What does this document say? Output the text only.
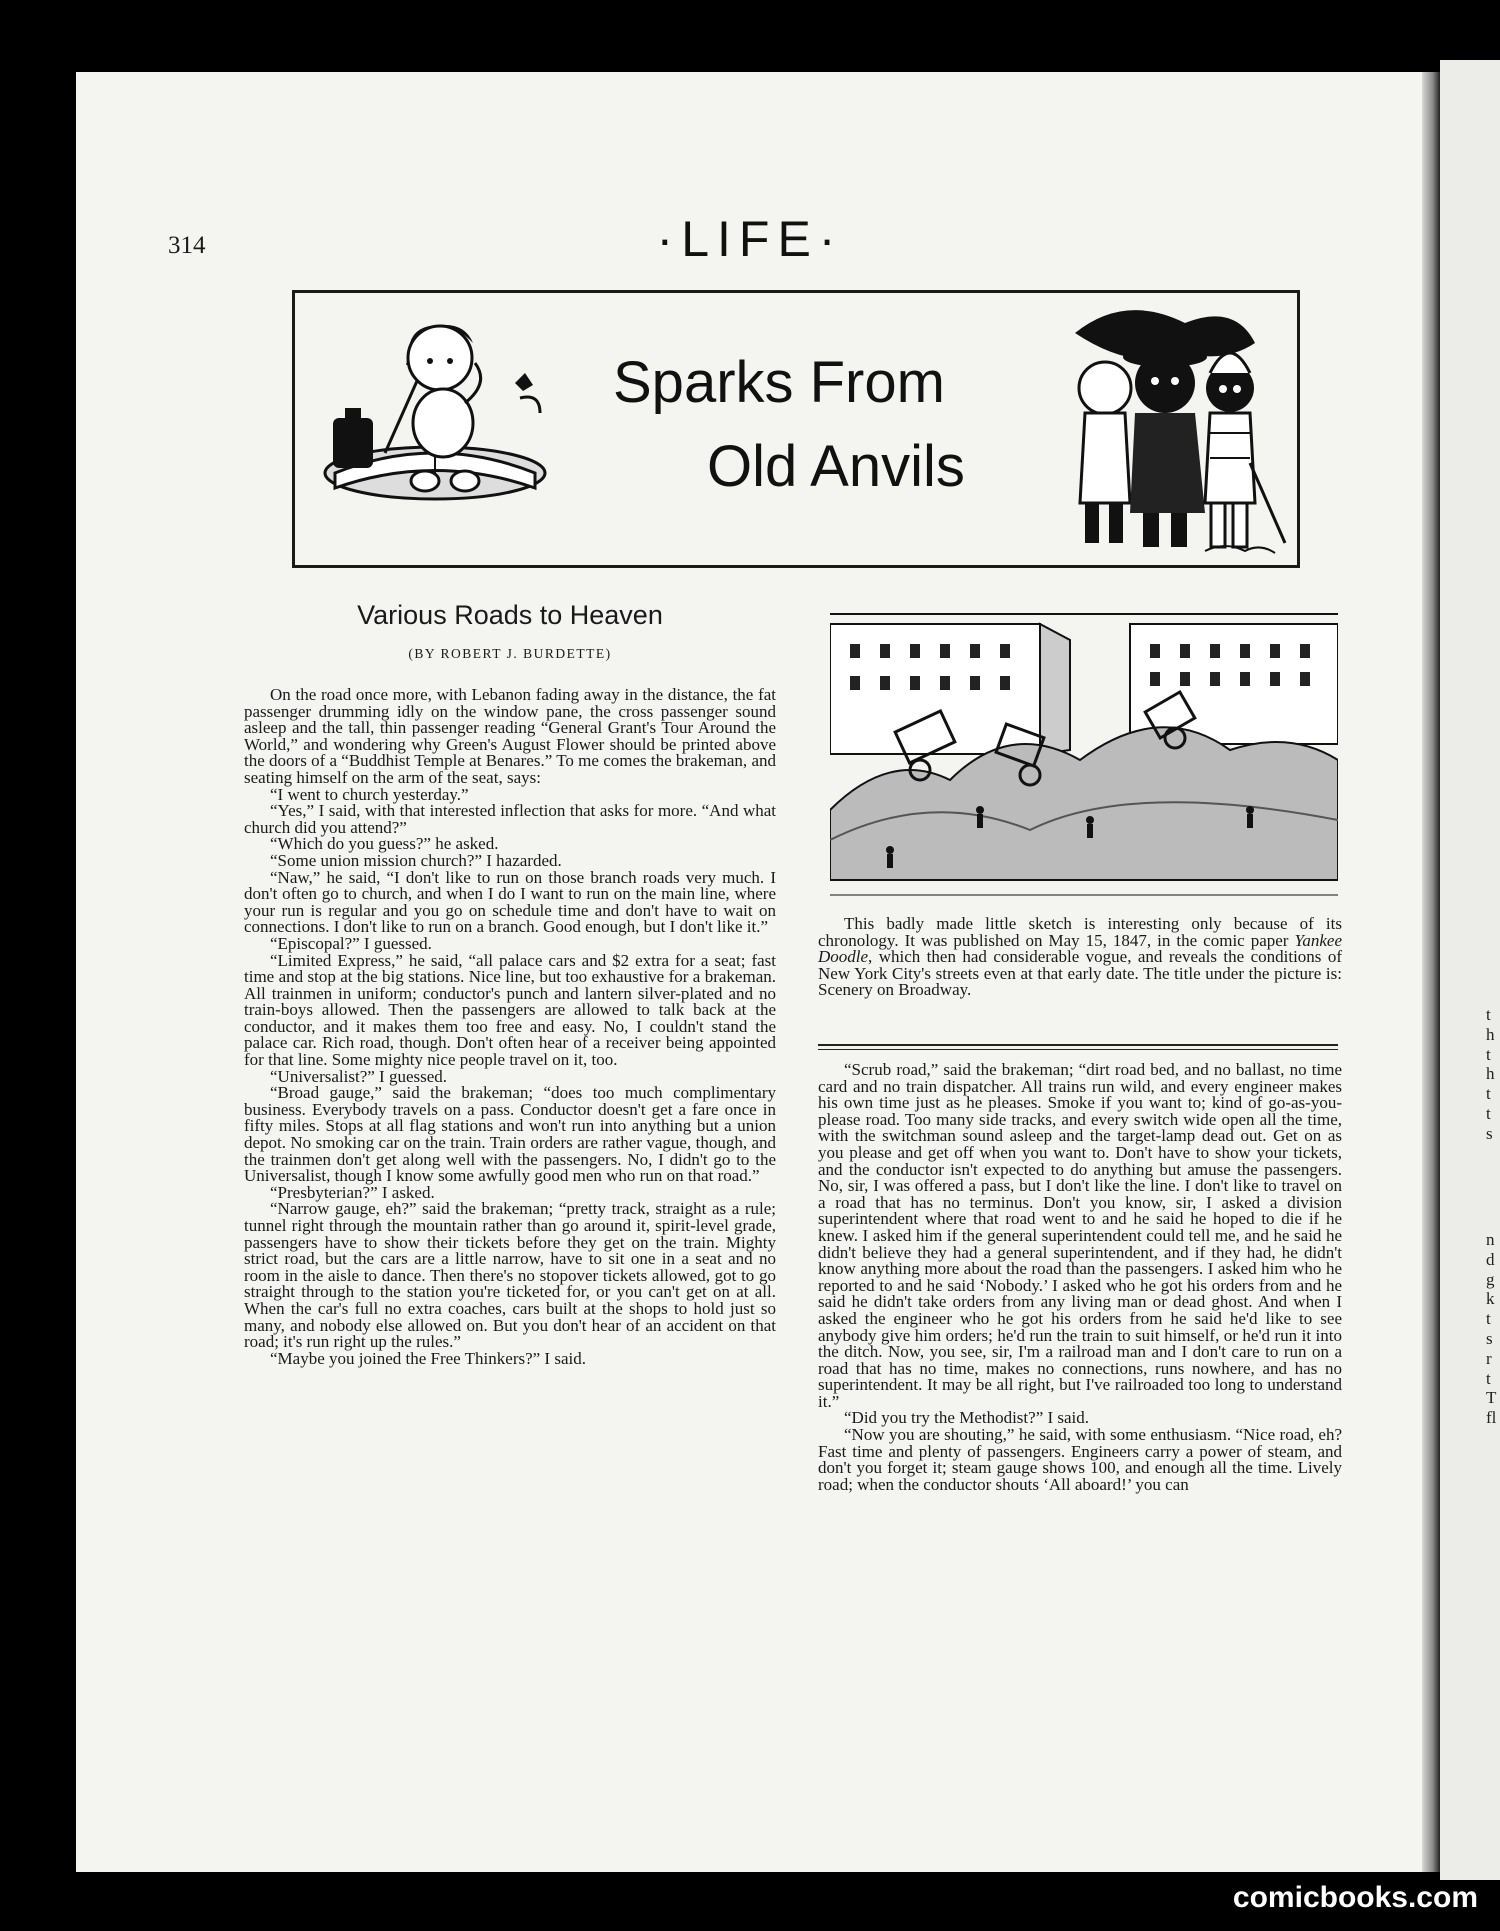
n
d
g
k
t
s
r
t
T
fl
t
h
t
h
t
t
s
314	·LIFE·
Sparks From
Old Anvils
Various Roads to Heaven
(BY ROBERT J. BURDETTE)

On the road once more, with Lebanon fading away in the distance, the fat passenger drumming idly on the window pane, the cross passenger sound asleep and the tall, thin passenger reading “General Grant's Tour Around the World,” and wondering why Green's August Flower should be printed above the doors of a “Buddhist Temple at Benares.” To me comes the brakeman, and seating himself on the arm of the seat, says:

“I went to church yesterday.”

“Yes,” I said, with that interested inflection that asks for more. “And what church did you attend?”

“Which do you guess?” he asked.

“Some union mission church?” I hazarded.

“Naw,” he said, “I don't like to run on those branch roads very much. I don't often go to church, and when I do I want to run on the main line, where your run is regular and you go on schedule time and don't have to wait on connections. I don't like to run on a branch. Good enough, but I don't like it.”

“Episcopal?” I guessed.

“Limited Express,” he said, “all palace cars and $2 extra for a seat; fast time and stop at the big stations. Nice line, but too exhaustive for a brakeman. All trainmen in uniform; conductor's punch and lantern silver-plated and no train-boys allowed. Then the passengers are allowed to talk back at the conductor, and it makes them too free and easy. No, I couldn't stand the palace car. Rich road, though. Don't often hear of a receiver being appointed for that line. Some mighty nice people travel on it, too.

“Universalist?” I guessed.

“Broad gauge,” said the brakeman; “does too much complimentary business. Everybody travels on a pass. Conductor doesn't get a fare once in fifty miles. Stops at all flag stations and won't run into anything but a union depot. No smoking car on the train. Train orders are rather vague, though, and the trainmen don't get along well with the passengers. No, I didn't go to the Universalist, though I know some awfully good men who run on that road.”

“Presbyterian?” I asked.

“Narrow gauge, eh?” said the brakeman; “pretty track, straight as a rule; tunnel right through the mountain rather than go around it, spirit-level grade, passengers have to show their tickets before they get on the train. Mighty strict road, but the cars are a little narrow, have to sit one in a seat and no room in the aisle to dance. Then there's no stopover tickets allowed, got to go straight through to the station you're ticketed for, or you can't get on at all. When the car's full no extra coaches, cars built at the shops to hold just so many, and nobody else allowed on. But you don't hear of an accident on that road; it's run right up the rules.”

“Maybe you joined the Free Thinkers?” I said.

This badly made little sketch is interesting only because of its chronology. It was published on May 15, 1847, in the comic paper Yankee Doodle, which then had considerable vogue, and reveals the conditions of New York City's streets even at that early date. The title under the picture is: Scenery on Broadway.

“Scrub road,” said the brakeman; “dirt road bed, and no ballast, no time card and no train dispatcher. All trains run wild, and every engineer makes his own time just as he pleases. Smoke if you want to; kind of go-as-you-please road. Too many side tracks, and every switch wide open all the time, with the switchman sound asleep and the target-lamp dead out. Get on as you please and get off when you want to. Don't have to show your tickets, and the conductor isn't expected to do anything but amuse the passengers. No, sir, I was offered a pass, but I don't like the line. I don't like to travel on a road that has no terminus. Don't you know, sir, I asked a division superintendent where that road went to and he said he hoped to die if he knew. I asked him if the general superintendent could tell me, and he said he didn't believe they had a general superintendent, and if they had, he didn't know anything more about the road than the passengers. I asked him who he reported to and he said ‘Nobody.’ I asked who he got his orders from and he said he didn't take orders from any living man or dead ghost. And when I asked the engineer who he got his orders from he said he'd like to see anybody give him orders; he'd run the train to suit himself, or he'd run it into the ditch. Now, you see, sir, I'm a railroad man and I don't care to run on a road that has no time, makes no connections, runs nowhere, and has no superintendent. It may be all right, but I've railroaded too long to understand it.”

“Did you try the Methodist?” I said.

“Now you are shouting,” he said, with some enthusiasm. “Nice road, eh? Fast time and plenty of passengers. Engineers carry a power of steam, and don't you forget it; steam gauge shows 100, and enough all the time. Lively road; when the conductor shouts ‘All aboard!’ you can

comicbooks.com
